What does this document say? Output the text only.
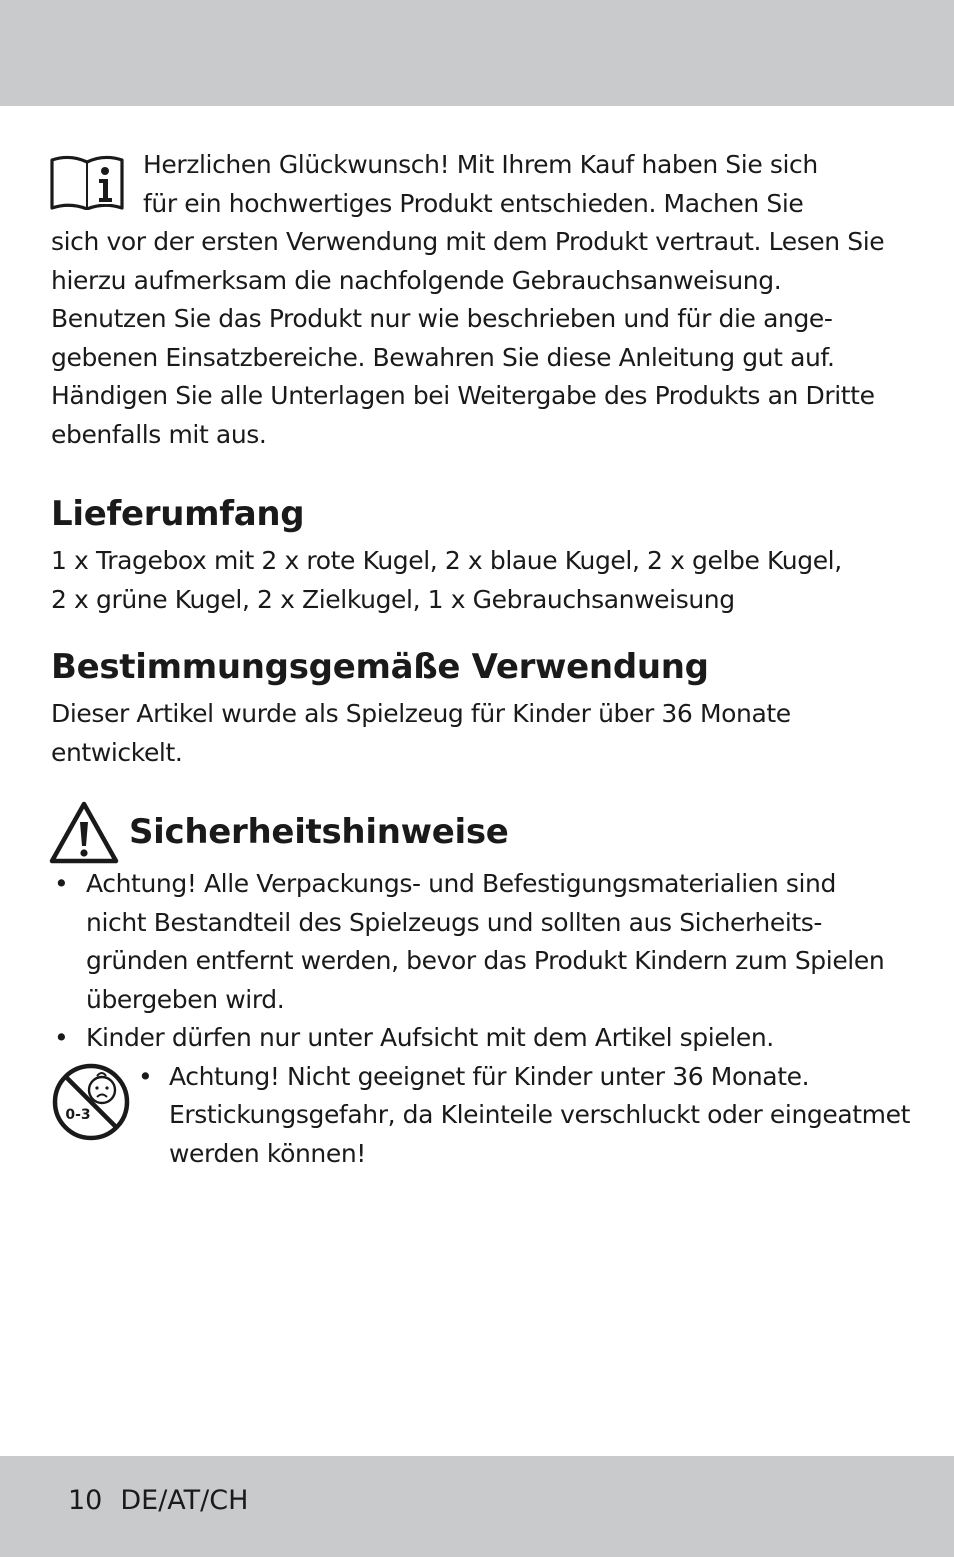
Herzlichen Glückwunsch! Mit Ihrem Kauf haben Sie sich

für ein hochwertiges Produkt entschieden. Machen Sie

sich vor der ersten Verwendung mit dem Produkt vertraut. Lesen Sie

hierzu aufmerksam die nachfolgende Gebrauchsanweisung.

Benutzen Sie das Produkt nur wie beschrieben und für die ange-

gebenen Einsatzbereiche. Bewahren Sie diese Anleitung gut auf.

Händigen Sie alle Unterlagen bei Weitergabe des Produkts an Dritte

ebenfalls mit aus.

Lieferumfang

1 x Tragebox mit 2 x rote Kugel, 2 x blaue Kugel, 2 x gelbe Kugel,

2 x grüne Kugel, 2 x Zielkugel, 1 x Gebrauchsanweisung

Bestimmungsgemäße Verwendung

Dieser Artikel wurde als Spielzeug für Kinder über 36 Monate

entwickelt.

Sicherheitshinweise
• Achtung! Alle Verpackungs- und Befestigungsmaterialien sind

nicht Bestandteil des Spielzeugs und sollten aus Sicherheits-

gründen entfernt werden, bevor das Produkt Kindern zum Spielen

übergeben wird.

• Kinder dürfen nur unter Aufsicht mit dem Artikel spielen.

0-3
• Achtung! Nicht geeignet für Kinder unter 36 Monate.

Erstickungsgefahr, da Kleinteile verschluckt oder eingeatmet

werden können!

10 DE/AT/CH
